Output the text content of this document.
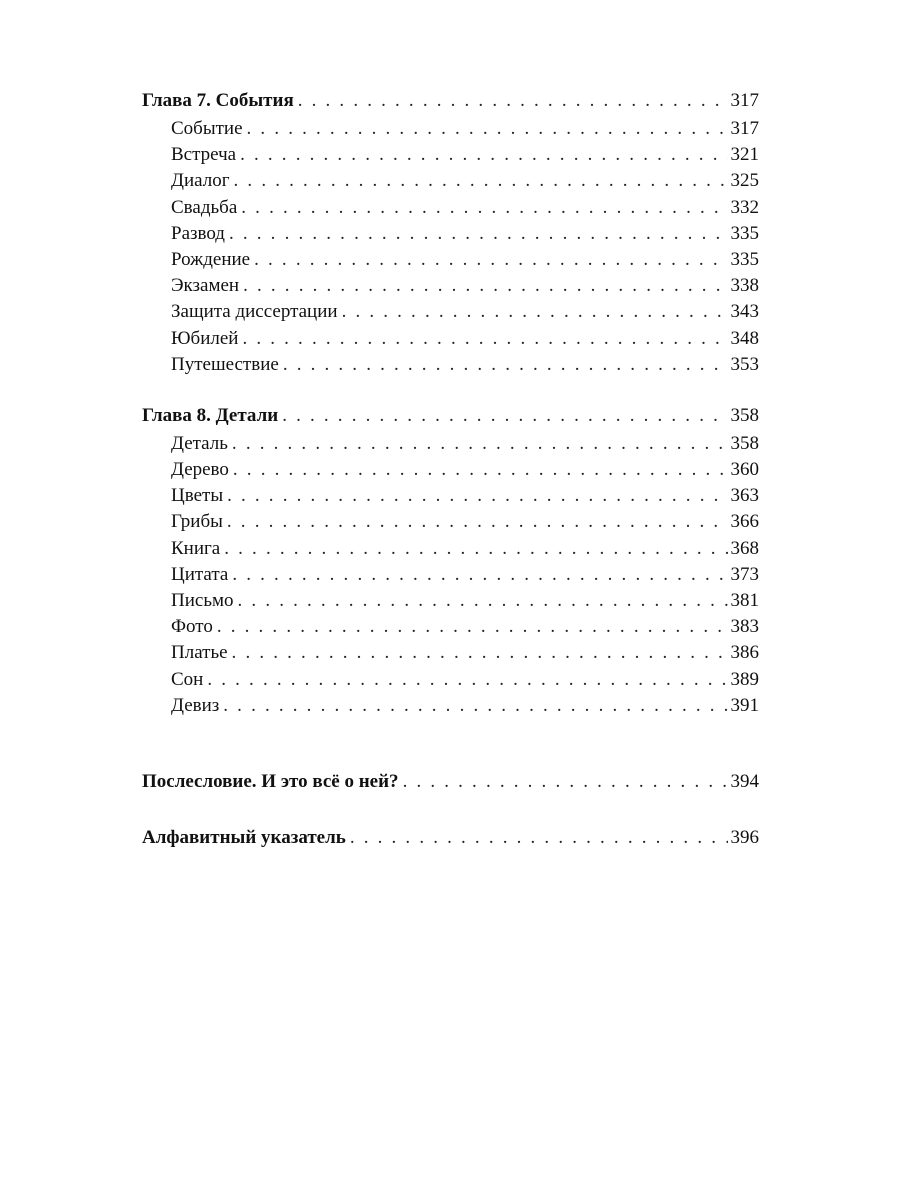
Глава 7. События . . .	317
Событие . . .	317
Встреча . . .	321
Диалог . . .	325
Свадьба . . .	332
Развод . . .	335
Рождение . . .	335
Экзамен . . .	338
Защита диссертации . . .	343
Юбилей . . .	348
Путешествие . . .	353
Глава 8. Детали . . .	358
Деталь . . .	358
Дерево . . .	360
Цветы . . .	363
Грибы . . .	366
Книга . . .	368
Цитата . . .	373
Письмо . . .	381
Фото . . .	383
Платье . . .	386
Сон . . .	389
Девиз . . .	391
Послесловие. И это всё о ней? . . .	394
Алфавитный указатель . . .	396
